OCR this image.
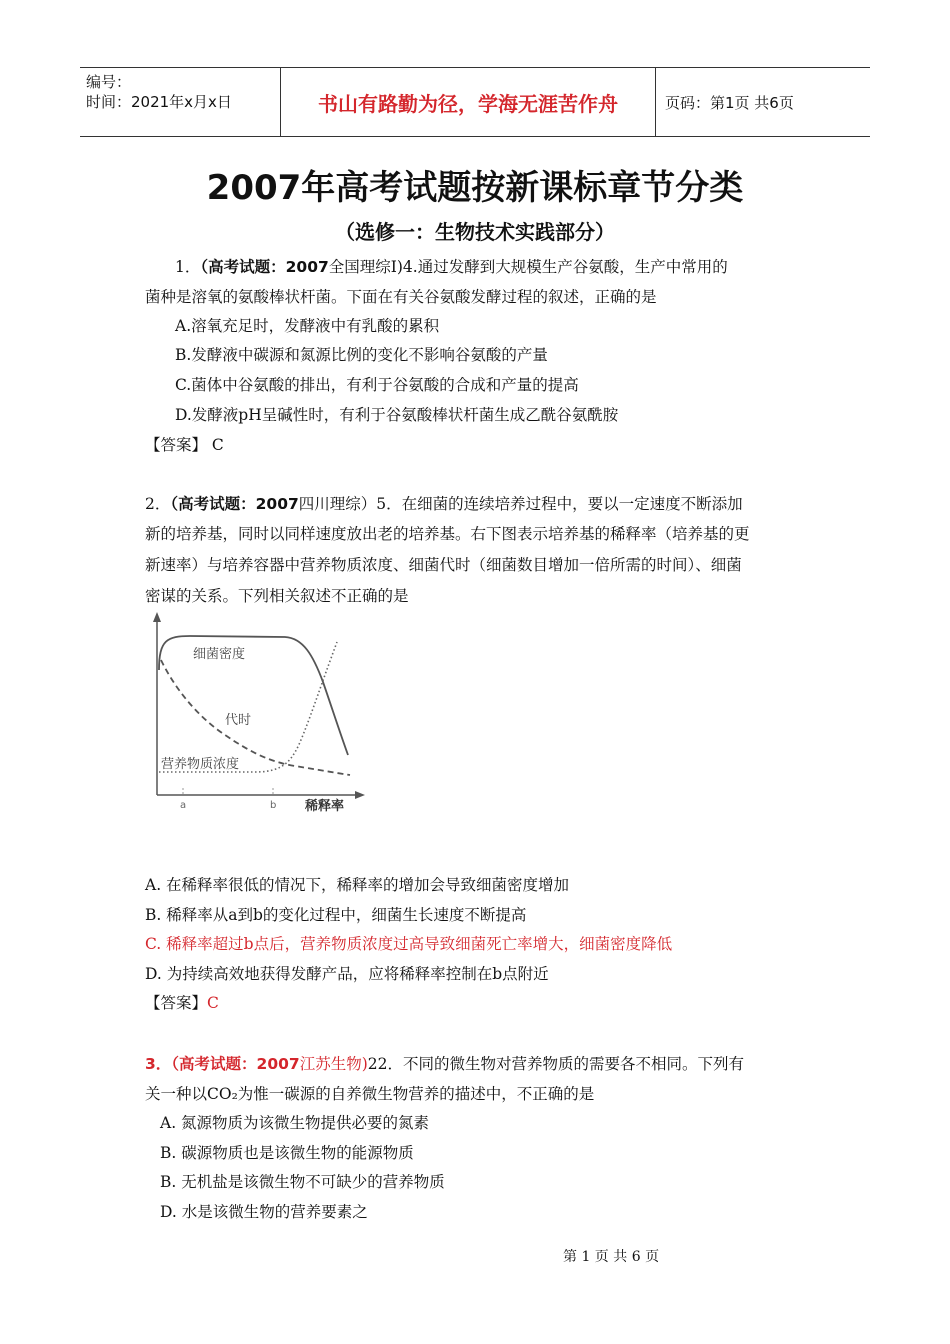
编号：
时间：2021年x月x日	书山有路勤为径，学海无涯苦作舟	页码：第1页 共6页
2007年高考试题按新课标章节分类
（选修一：生物技术实践部分）
1．（高考试题：2007全国理综Ⅰ)4.通过发酵到大规模生产谷氨酸，生产中常用的
菌种是溶氧的氨酸棒状杆菌。下面在有关谷氨酸发酵过程的叙述，正确的是
A.溶氧充足时，发酵液中有乳酸的累积
B.发酵液中碳源和氮源比例的变化不影响谷氨酸的产量
C.菌体中谷氨酸的排出，有利于谷氨酸的合成和产量的提高
D.发酵液pH呈碱性时，有利于谷氨酸棒状杆菌生成乙酰谷氨酰胺
【答案】 C
2．（高考试题：2007四川理综）5．在细菌的连续培养过程中，要以一定速度不断添加
新的培养基，同时以同样速度放出老的培养基。右下图表示培养基的稀释率（培养基的更
新速率）与培养容器中营养物质浓度、细菌代时（细菌数目增加一倍所需的时间）、细菌
密谋的关系。下列相关叙述不正确的是
细菌密度
代时
营养物质浓度
a	b 稀释率
A. 在稀释率很低的情况下，稀释率的增加会导致细菌密度增加
B. 稀释率从a到b的变化过程中，细菌生长速度不断提高
C. 稀释率超过b点后，营养物质浓度过高导致细菌死亡率增大，细菌密度降低
D. 为持续高效地获得发酵产品，应将稀释率控制在b点附近
【答案】C
3．（高考试题：2007江苏生物)22．不同的微生物对营养物质的需要各不相同。下列有
关一种以CO₂为惟一碳源的自养微生物营养的描述中，不正确的是
A. 氮源物质为该微生物提供必要的氮素
B. 碳源物质也是该微生物的能源物质
B. 无机盐是该微生物不可缺少的营养物质
D. 水是该微生物的营养要素之
第 1 页 共 6 页
